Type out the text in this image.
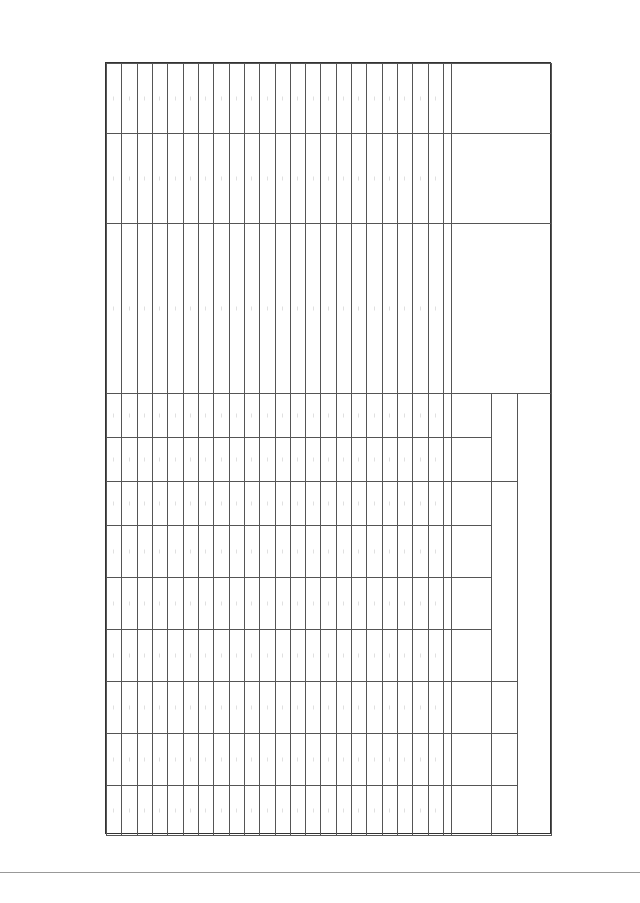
—	—	—	—	—	—	—	—	—	—	—	—
—	—	—	—	—	—	—	—	—	—	—	—
—	—	—	—	—	—	—	—	—	—	—	—
—	—	—	—	—	—	—	—	—	—	—	—
—	—	—	—	—	—	—	—	—	—	—	—
—	—	—	—	—	—	—	—	—	—	—	—
—	—	—	—	—	—	—	—	—	—	—	—
—	—	—	—	—	—	—	—	—	—	—	—
—	—	—	—	—	—	—	—	—	—	—	—
—	—	—	—	—	—	—	—	—	—	—	—
—	—	—	—	—	—	—	—	—	—	—	—
—	—	—	—	—	—	—	—	—	—	—	—
—	—	—	—	—	—	—	—	—	—	—	—
—	—	—	—	—	—	—	—	—	—	—	—
—	—	—	—	—	—	—	—	—	—	—	—
—	—	—	—	—	—	—	—	—	—	—	—
—	—	—	—	—	—	—	—	—	—	—	—
—	—	—	—	—	—	—	—	—	—	—	—
—	—	—	—	—	—	—	—	—	—	—	—
—	—	—	—	—	—	—	—	—	—	—	—
—	—	—	—	—	—	—	—	—	—	—	—
—	—	—	—	—	—	—	—	—	—	—	—
